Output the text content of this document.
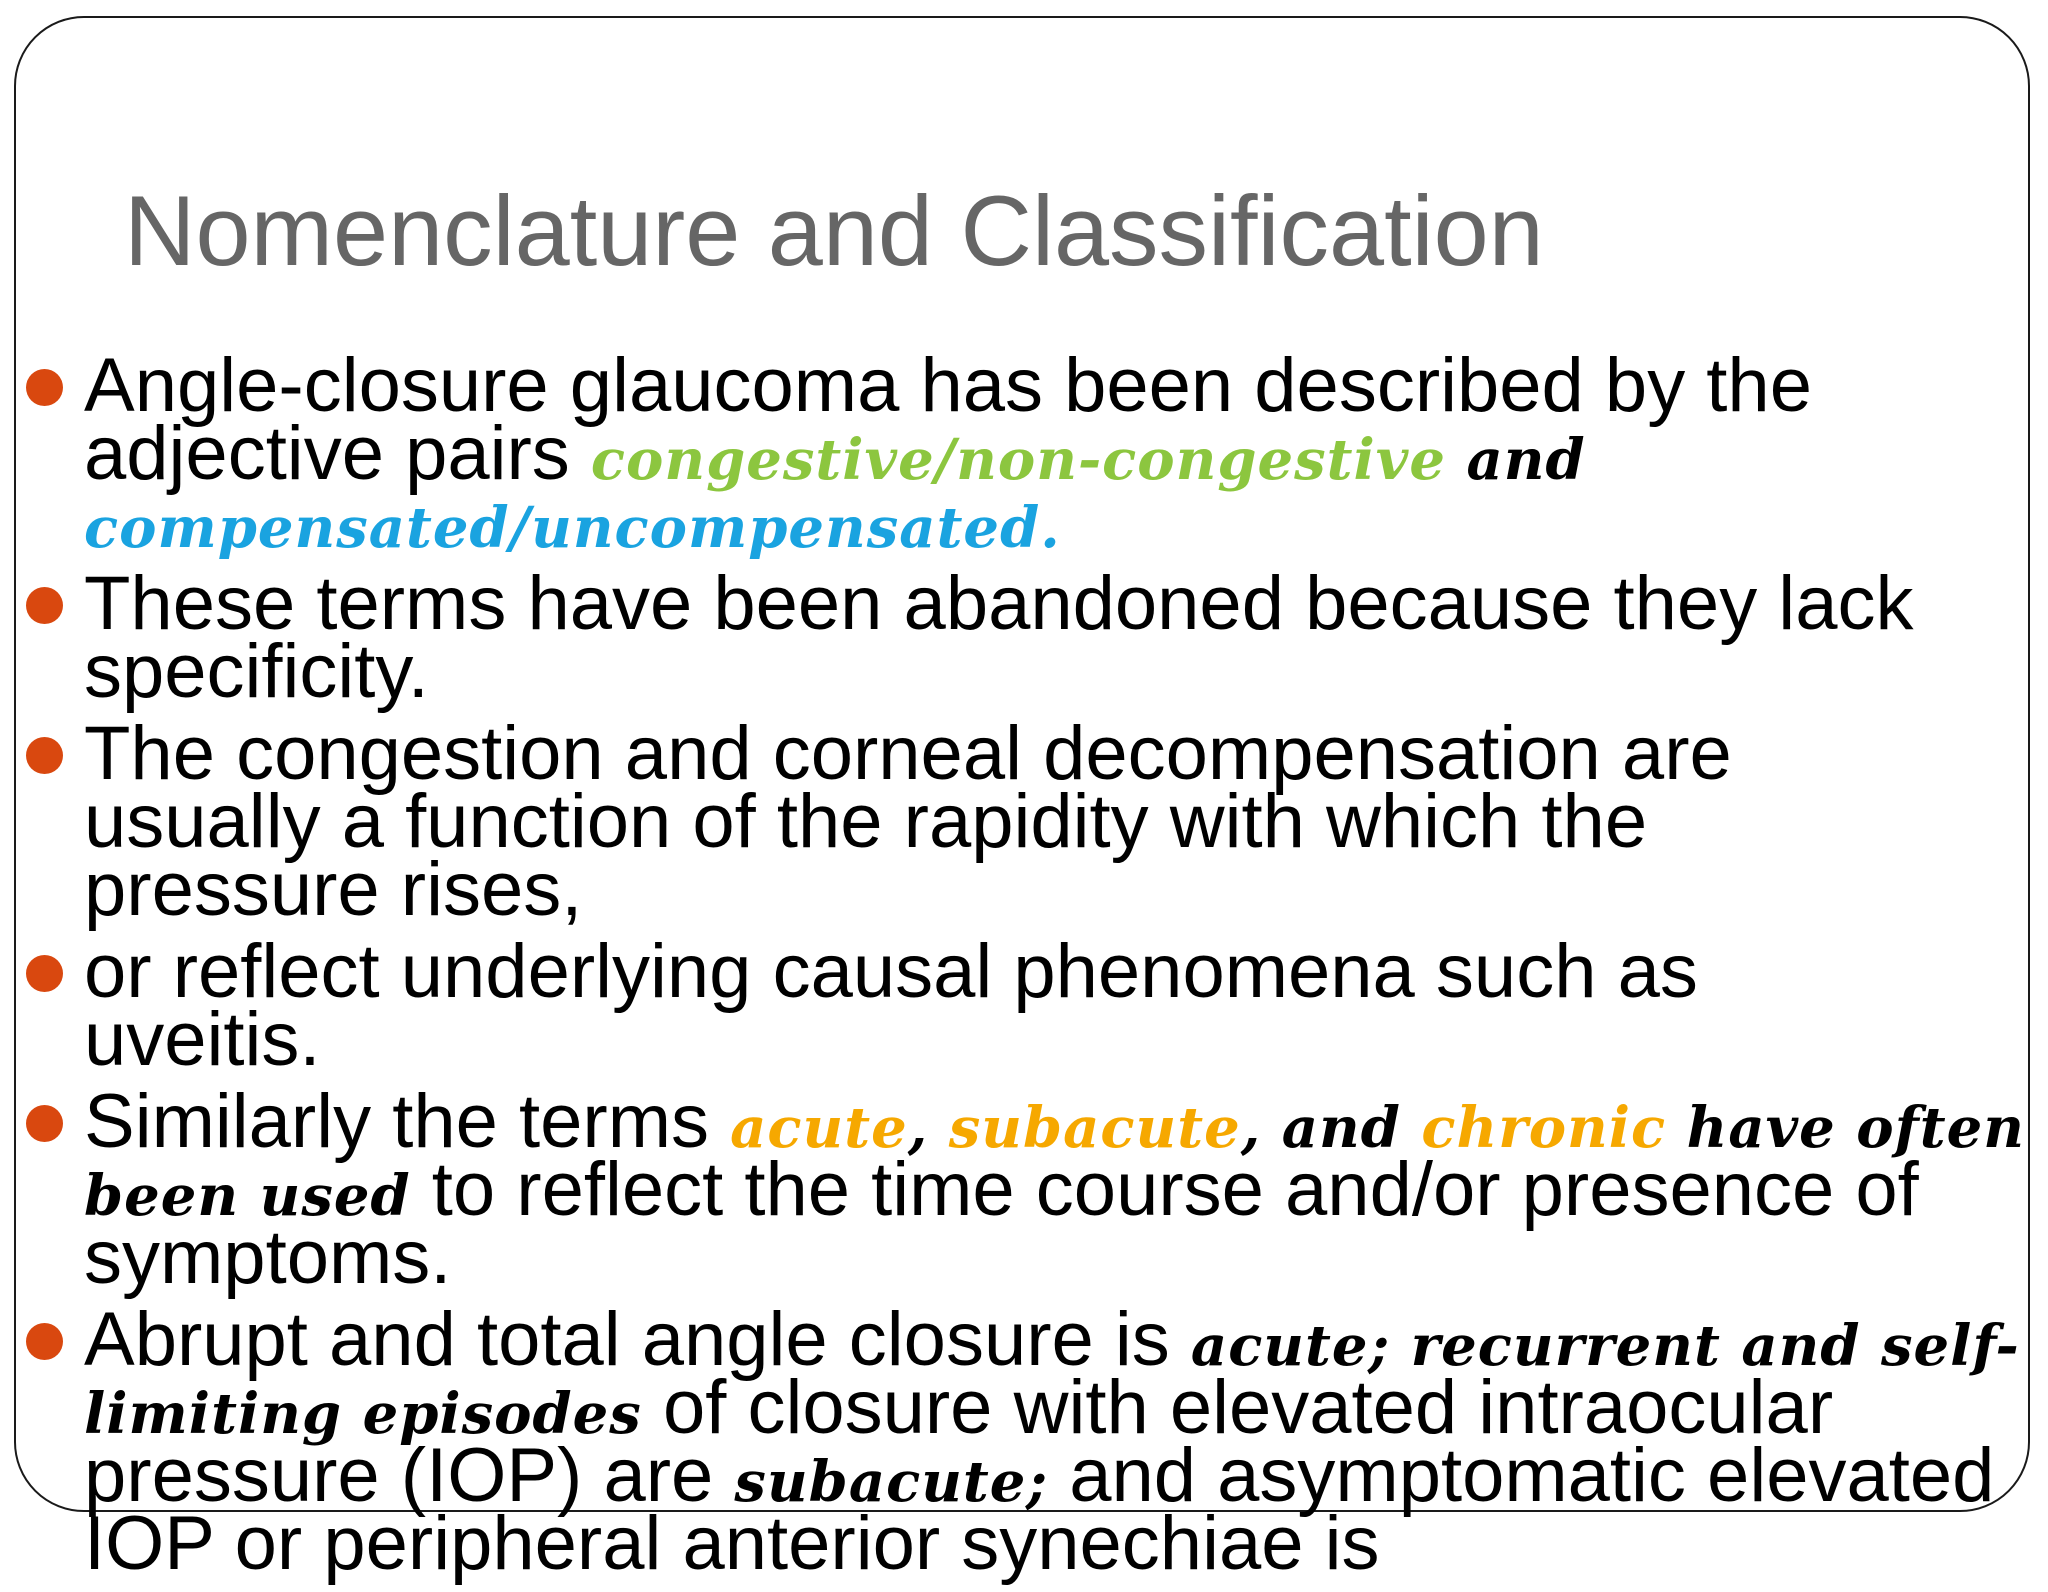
Nomenclature and Classification
Angle-closure glaucoma has been described by the
adjective pairs congestive/non-congestive and
compensated/uncompensated.
These terms have been abandoned because they lack
specificity.
The congestion and corneal decompensation are
usually a function of the rapidity with which the
pressure rises,
or reflect underlying causal phenomena such as
uveitis.
Similarly the terms acute, subacute, and chronic have often
been used to reflect the time course and/or presence of
symptoms.
Abrupt and total angle closure is acute; recurrent and self-
limiting episodes of closure with elevated intraocular
pressure (IOP) are subacute; and asymptomatic elevated
IOP or peripheral anterior synechiae is
